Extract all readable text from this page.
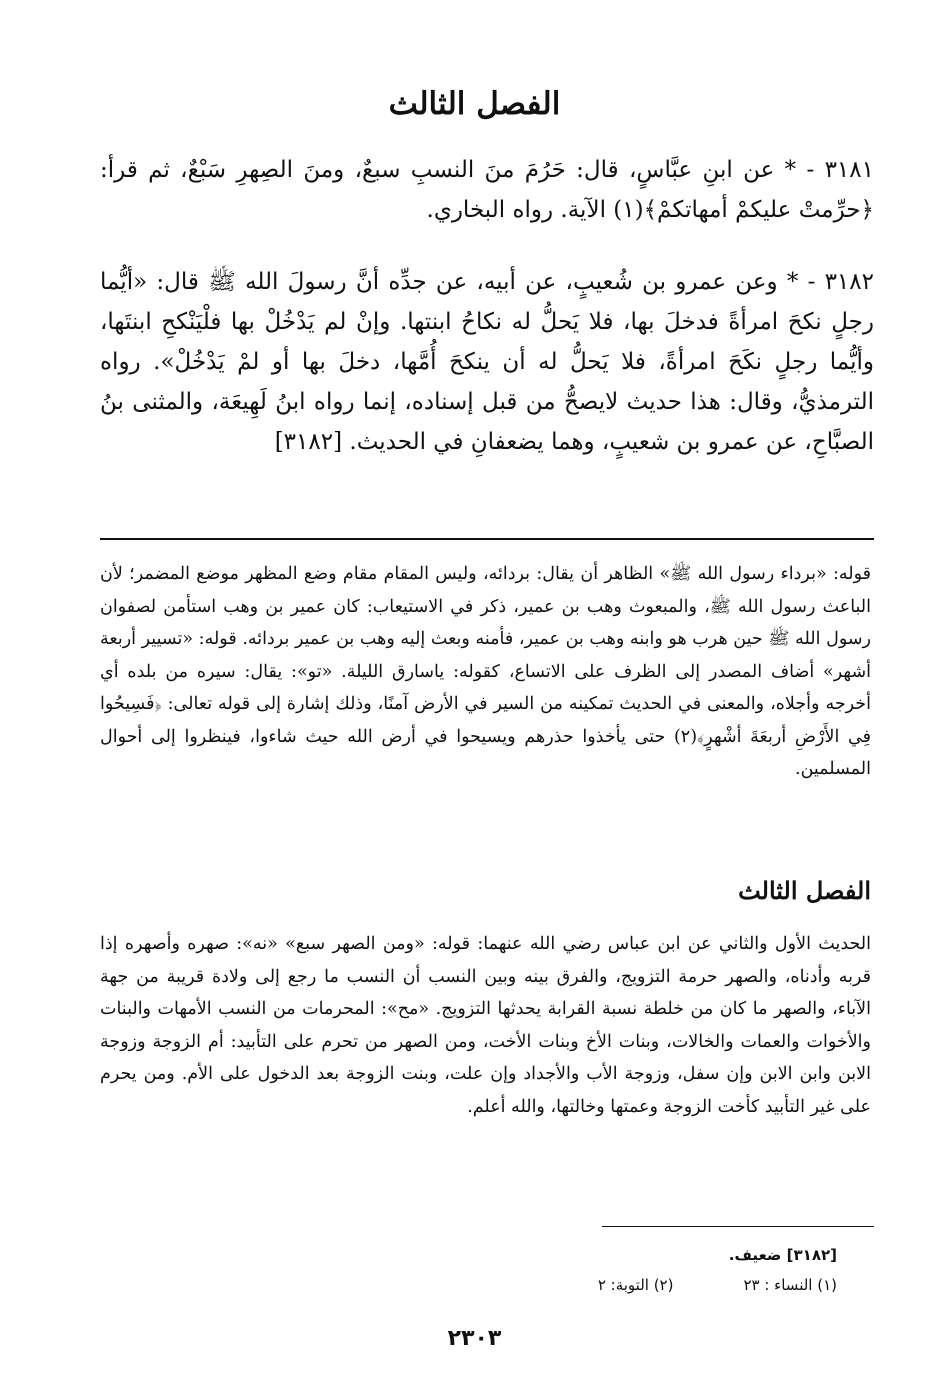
الفصل الثالث
٣١٨١ - * عن ابنِ عبَّاسٍ، قال: حَرُمَ منَ النسبِ سبعٌ، ومنَ الصِهرِ سَبْعٌ، ثم قرأ: ﴿حرِّمتْ عليكمْ أمهاتكمْ﴾(١) الآية. رواه البخاري.
٣١٨٢ - * وعن عمرو بن شُعيبٍ، عن أبيه، عن جدِّه أنَّ رسولَ الله ﷺ قال: «أيُّما رجلٍ نكحَ امرأةً فدخلَ بها، فلا يَحلُّ له نكاحُ ابنتها. وإنْ لم يَدْخُلْ بها فلْيَنْكحِ ابنتَها، وأيُّما رجلٍ نكَحَ امرأةً، فلا يَحلُّ له أن ينكحَ أُمَّها، دخلَ بها أو لمْ يَدْخُلْ». رواه الترمذيُّ، وقال: هذا حديث لايصحُّ من قبل إسناده، إنما رواه ابنُ لَهِيعَة، والمثنى بنُ الصبَّاحِ، عن عمرو بن شعيبٍ، وهما يضعفانِ في الحديث. [٣١٨٢]
قوله: «برداء رسول الله ﷺ» الظاهر أن يقال: بردائه، وليس المقام مقام وضع المظهر موضع المضمر؛ لأن الباعث رسول الله ﷺ، والمبعوث وهب بن عمير، ذكر في الاستيعاب: كان عمير بن وهب استأمن لصفوان رسول الله ﷺ حين هرب هو وابنه وهب بن عمير، فأمنه وبعث إليه وهب بن عمير بردائه. قوله: «تسيير أربعة أشهر» أضاف المصدر إلى الظرف على الاتساع، كقوله: ياسارق الليلة. «تو»: يقال: سيره من بلده أي أخرجه وأجلاه، والمعنى في الحديث تمكينه من السير في الأرض آمنًا، وذلك إشارة إلى قوله تعالى: ﴿فَسِيحُوا فِي الأَرْضِ أربعَةَ أشْهرٍ﴾(٢) حتى يأخذوا حذرهم ويسيحوا في أرض الله حيث شاءوا، فينظروا إلى أحوال المسلمين.
الفصل الثالث
الحديث الأول والثاني عن ابن عباس رضي الله عنهما: قوله: «ومن الصهر سبع» «نه»: صهره وأصهره إذا قربه وأدناه، والصهر حرمة التزويج، والفرق بينه وبين النسب أن النسب ما رجع إلى ولادة قريبة من جهة الآباء، والصهر ما كان من خلطة نسبة القرابة يحدثها التزويج. «مح»: المحرمات من النسب الأمهات والبنات والأخوات والعمات والخالات، وبنات الأخ وبنات الأخت، ومن الصهر من تحرم على التأبيد: أم الزوجة وزوجة الابن وابن الابن وإن سفل، وزوجة الأب والأجداد وإن علت، وبنت الزوجة بعد الدخول على الأم. ومن يحرم على غير التأبيد كأخت الزوجة وعمتها وخالتها، والله أعلم.
[٣١٨٢] ضعيف.
(١) النساء : ٢٣
(٢) التوبة: ٢
٢٣٠٣
